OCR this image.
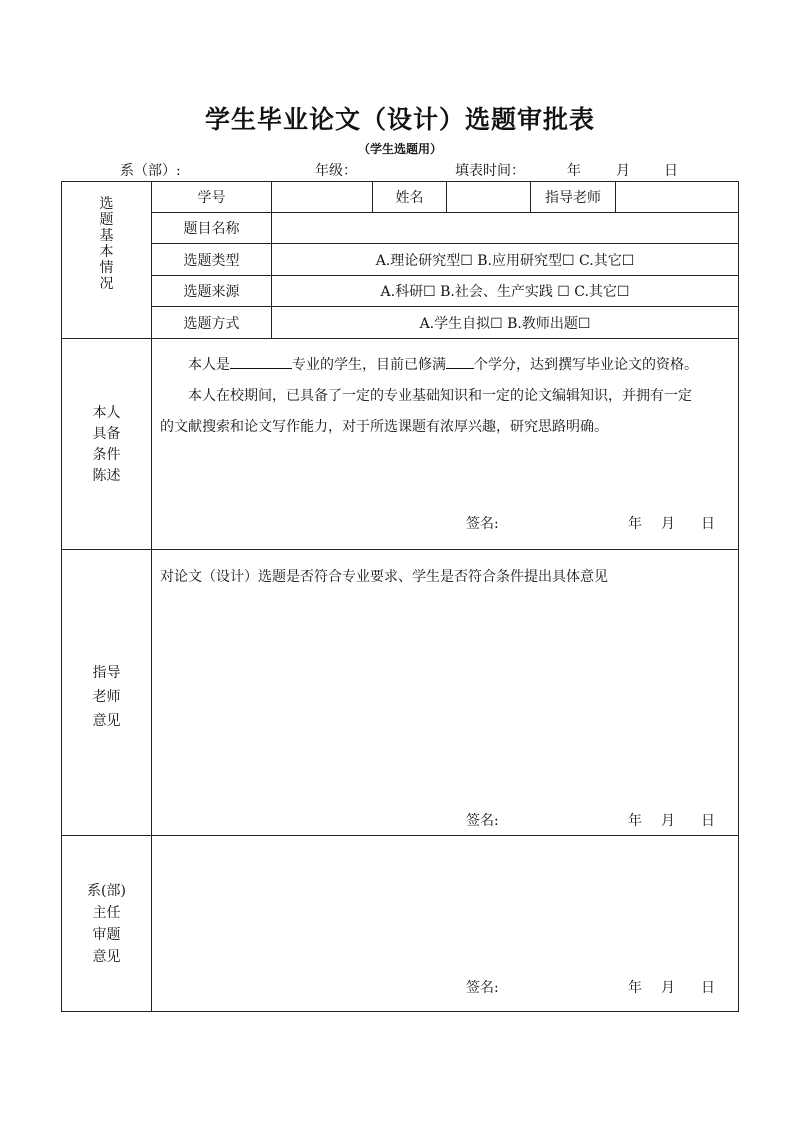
学生毕业论文（设计）选题审批表
（学生选题用）
系（部）:	年级：	填表时间：	年	月 日
选
题
基
本
情
况
学号	姓名	指导老师
题目名称
选题类型	A.理论研究型☐ B.应用研究型☐ C.其它☐
选题来源	A.科研☐ B.社会、生产实践 ☐ C.其它☐
选题方式	A.学生自拟☐ B.教师出题☐
本人
具备
条件
陈述

本人是	专业的学生，目前已修满 个学分，达到撰写毕业论文的资格。

本人在校期间，已具备了一定的专业基础知识和一定的论文编辑知识，并拥有一定的文献搜索和论文写作能力，对于所选课题有浓厚兴趣，研究思路明确。

签名:	年 月 日
指导
老师
意见
对论文（设计）选题是否符合专业要求、学生是否符合条件提出具体意见
签名:	年 月 日
系(部)
主任
审题
意见
签名:	年 月 日
